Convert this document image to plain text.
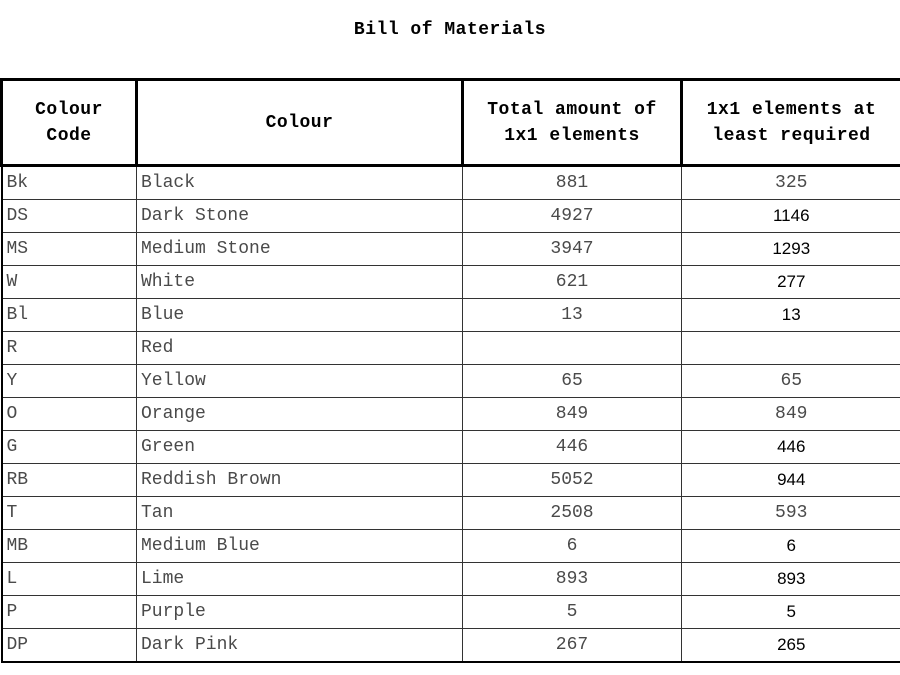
Bill of Materials
Colour Code	Colour	Total amount of 1x1 elements	1x1 elements at least required
Bk	Black	881	325
DS	Dark Stone	4927	1146
MS	Medium Stone	3947	1293
W	White	621	277
Bl	Blue	13	13
R	Red		
Y	Yellow	65	65
O	Orange	849	849
G	Green	446	446
RB	Reddish Brown	5052	944
T	Tan	2508	593
MB	Medium Blue	6	6
L	Lime	893	893
P	Purple	5	5
DP	Dark Pink	267	265
